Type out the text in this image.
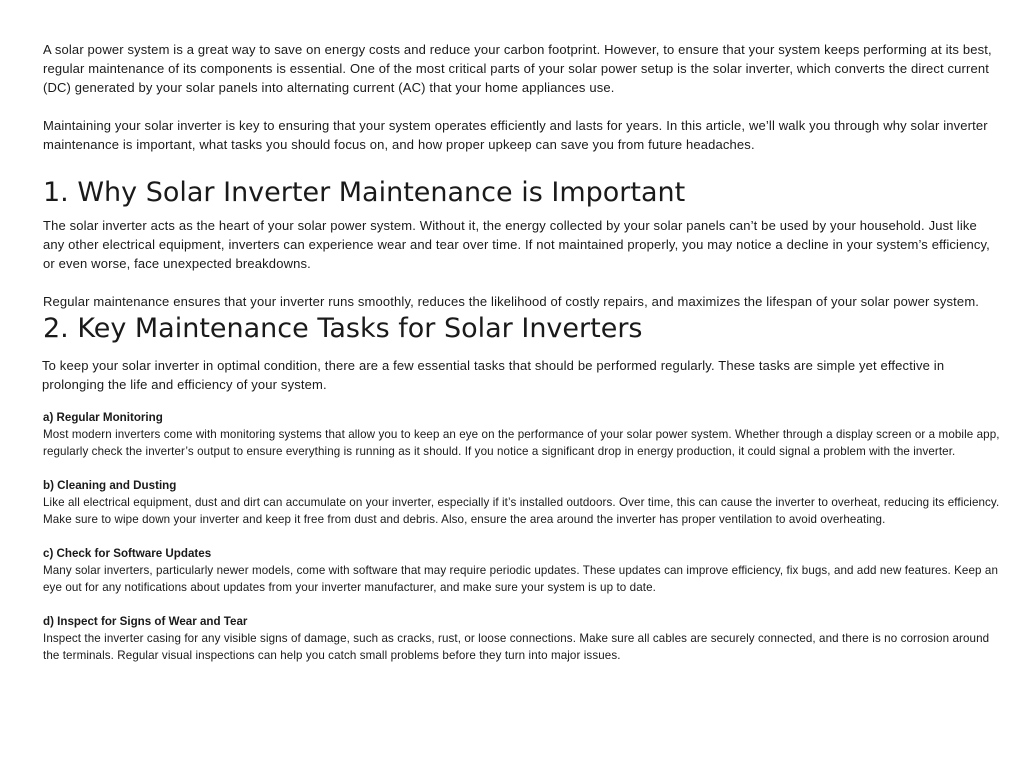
A solar power system is a great way to save on energy costs and reduce your carbon footprint. However, to ensure that your system keeps performing at its best, regular maintenance of its components is essential. One of the most critical parts of your solar power setup is the solar inverter, which converts the direct current (DC) generated by your solar panels into alternating current (AC) that your home appliances use.

Maintaining your solar inverter is key to ensuring that your system operates efficiently and lasts for years. In this article, we’ll walk you through why solar inverter maintenance is important, what tasks you should focus on, and how proper upkeep can save you from future headaches.

1. Why Solar Inverter Maintenance is Important

The solar inverter acts as the heart of your solar power system. Without it, the energy collected by your solar panels can’t be used by your household. Just like any other electrical equipment, inverters can experience wear and tear over time. If not maintained properly, you may notice a decline in your system’s efficiency, or even worse, face unexpected breakdowns.

Regular maintenance ensures that your inverter runs smoothly, reduces the likelihood of costly repairs, and maximizes the lifespan of your solar power system.

2. Key Maintenance Tasks for Solar Inverters

To keep your solar inverter in optimal condition, there are a few essential tasks that should be performed regularly. These tasks are simple yet effective in prolonging the life and efficiency of your system.

a) Regular Monitoring

Most modern inverters come with monitoring systems that allow you to keep an eye on the performance of your solar power system. Whether through a display screen or a mobile app, regularly check the inverter’s output to ensure everything is running as it should. If you notice a significant drop in energy production, it could signal a problem with the inverter.

b) Cleaning and Dusting

Like all electrical equipment, dust and dirt can accumulate on your inverter, especially if it’s installed outdoors. Over time, this can cause the inverter to overheat, reducing its efficiency. Make sure to wipe down your inverter and keep it free from dust and debris. Also, ensure the area around the inverter has proper ventilation to avoid overheating.

c) Check for Software Updates

Many solar inverters, particularly newer models, come with software that may require periodic updates. These updates can improve efficiency, fix bugs, and add new features. Keep an eye out for any notifications about updates from your inverter manufacturer, and make sure your system is up to date.

d) Inspect for Signs of Wear and Tear

Inspect the inverter casing for any visible signs of damage, such as cracks, rust, or loose connections. Make sure all cables are securely connected, and there is no corrosion around the terminals. Regular visual inspections can help you catch small problems before they turn into major issues.
